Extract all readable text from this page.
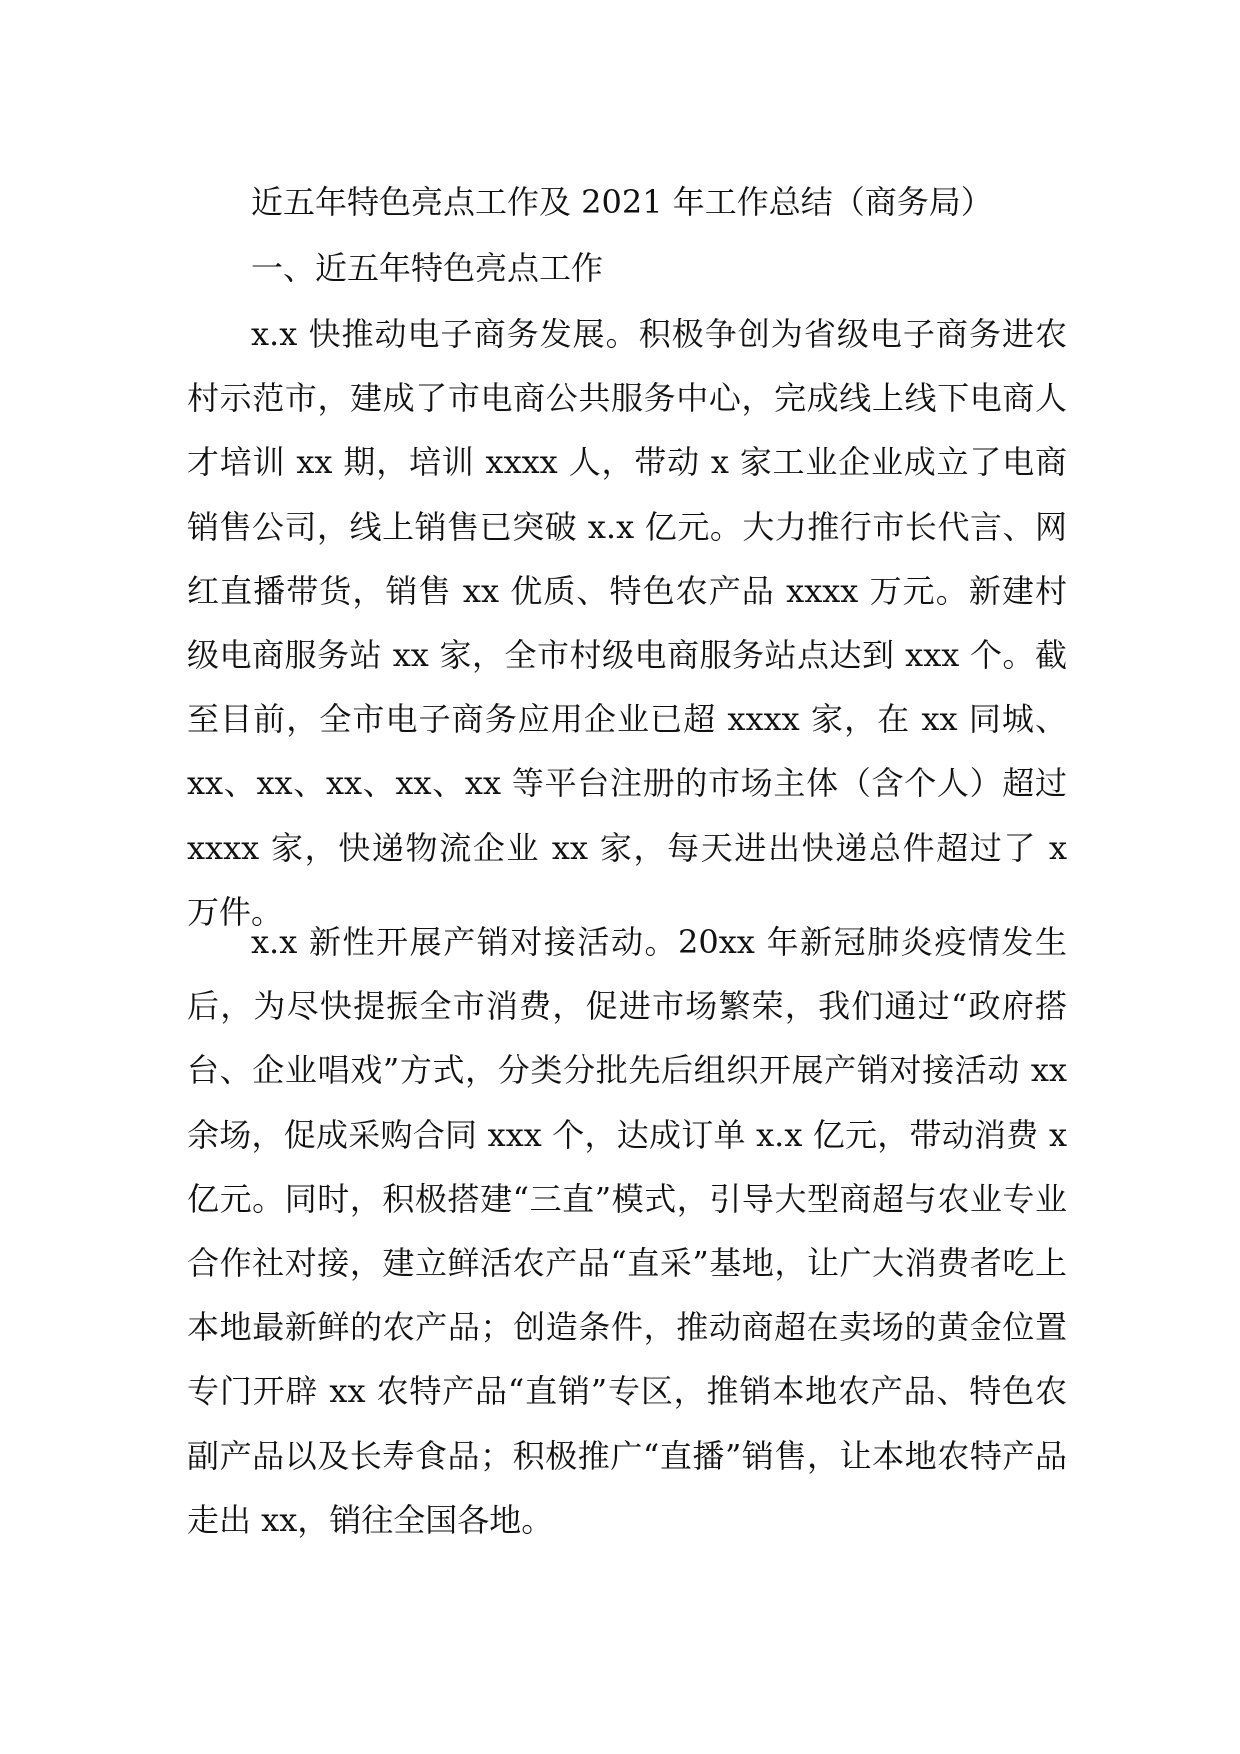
近五年特色亮点工作及 2021 年工作总结（商务局）
一、近五年特色亮点工作

x.x 快推动电子商务发展。积极争创为省级电子商务进农村示范市，建成了市电商公共服务中心，完成线上线下电商人才培训 xx 期，培训 xxxx 人，带动 x 家工业企业成立了电商销售公司，线上销售已突破 x.x 亿元。大力推行市长代言、网红直播带货，销售 xx 优质、特色农产品 xxxx 万元。新建村级电商服务站 xx 家，全市村级电商服务站点达到 xxx 个。截至目前，全市电子商务应用企业已超 xxxx 家，在 xx 同城、xx、xx、xx、xx、xx 等平台注册的市场主体（含个人）超过 xxxx 家，快递物流企业 xx 家，每天进出快递总件超过了 x 万件。

x.x 新性开展产销对接活动。20xx 年新冠肺炎疫情发生后，为尽快提振全市消费，促进市场繁荣，我们通过“政府搭台、企业唱戏”方式，分类分批先后组织开展产销对接活动 xx 余场，促成采购合同 xxx 个，达成订单 x.x 亿元，带动消费 x 亿元。同时，积极搭建“三直”模式，引导大型商超与农业专业合作社对接，建立鲜活农产品“直采”基地，让广大消费者吃上本地最新鲜的农产品；创造条件，推动商超在卖场的黄金位置专门开辟 xx 农特产品“直销”专区，推销本地农产品、特色农副产品以及长寿食品；积极推广“直播”销售，让本地农特产品走出 xx，销往全国各地。
